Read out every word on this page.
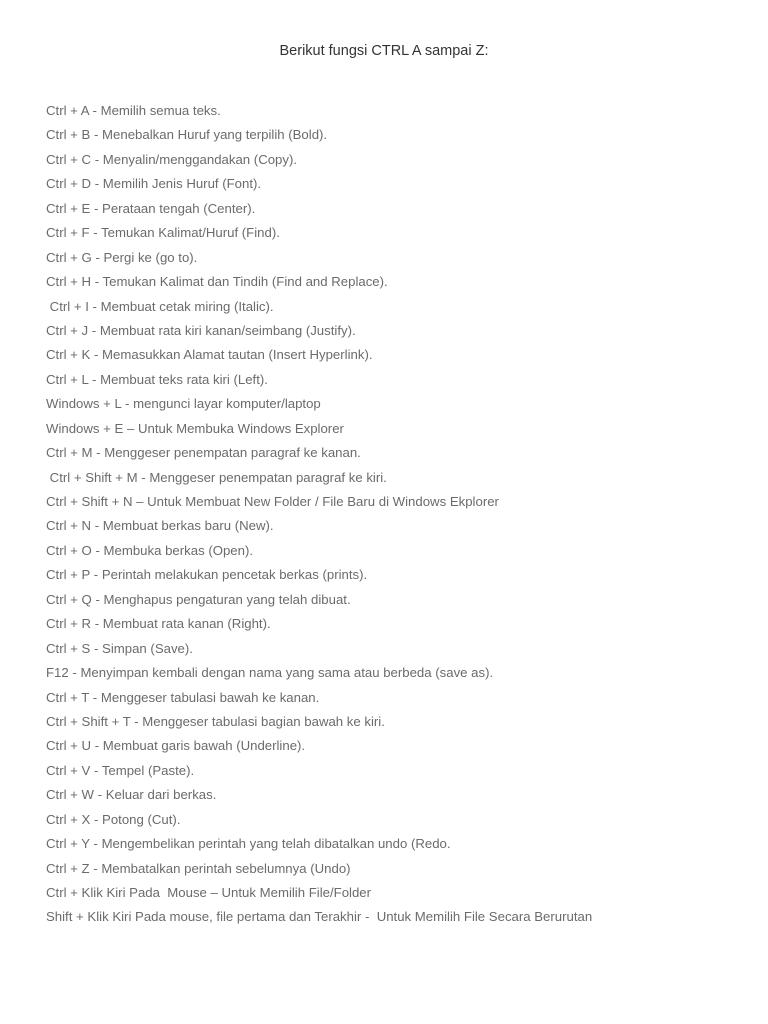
Berikut fungsi CTRL A sampai Z:
Ctrl + A - Memilih semua teks.
Ctrl + B - Menebalkan Huruf yang terpilih (Bold).
Ctrl + C - Menyalin/menggandakan (Copy).
Ctrl + D - Memilih Jenis Huruf (Font).
Ctrl + E - Perataan tengah (Center).
Ctrl + F - Temukan Kalimat/Huruf (Find).
Ctrl + G - Pergi ke (go to).
Ctrl + H - Temukan Kalimat dan Tindih (Find and Replace).
Ctrl + I - Membuat cetak miring (Italic).
Ctrl + J - Membuat rata kiri kanan/seimbang (Justify).
Ctrl + K - Memasukkan Alamat tautan (Insert Hyperlink).
Ctrl + L - Membuat teks rata kiri (Left).
Windows + L - mengunci layar komputer/laptop
Windows + E – Untuk Membuka Windows Explorer
Ctrl + M - Menggeser penempatan paragraf ke kanan.
Ctrl + Shift + M - Menggeser penempatan paragraf ke kiri.
Ctrl + Shift + N – Untuk Membuat New Folder / File Baru di Windows Ekplorer
Ctrl + N - Membuat berkas baru (New).
Ctrl + O - Membuka berkas (Open).
Ctrl + P - Perintah melakukan pencetak berkas (prints).
Ctrl + Q - Menghapus pengaturan yang telah dibuat.
Ctrl + R - Membuat rata kanan (Right).
Ctrl + S - Simpan (Save).
F12 - Menyimpan kembali dengan nama yang sama atau berbeda (save as).
Ctrl + T - Menggeser tabulasi bawah ke kanan.
Ctrl + Shift + T - Menggeser tabulasi bagian bawah ke kiri.
Ctrl + U - Membuat garis bawah (Underline).
Ctrl + V - Tempel (Paste).
Ctrl + W - Keluar dari berkas.
Ctrl + X - Potong (Cut).
Ctrl + Y - Mengembelikan perintah yang telah dibatalkan undo (Redo.
Ctrl + Z - Membatalkan perintah sebelumnya (Undo)
Ctrl + Klik Kiri Pada  Mouse – Untuk Memilih File/Folder
Shift + Klik Kiri Pada mouse, file pertama dan Terakhir -  Untuk Memilih File Secara Berurutan
